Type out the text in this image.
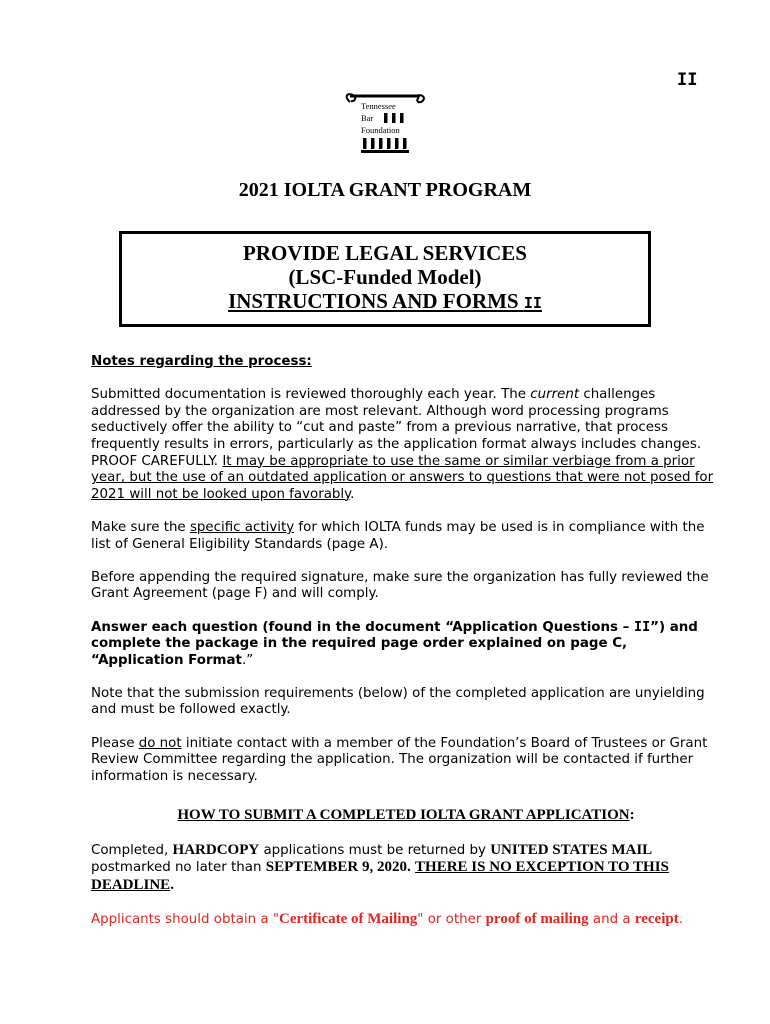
II
Tennessee
Bar
Foundation
2021 IOLTA GRANT PROGRAM
PROVIDE LEGAL SERVICES
(LSC-Funded Model)
INSTRUCTIONS AND FORMS II

Notes regarding the process:

Submitted documentation is reviewed thoroughly each year. The current challenges addressed by the organization are most relevant. Although word processing programs seductively offer the ability to “cut and paste” from a previous narrative, that process frequently results in errors, particularly as the application format always includes changes. PROOF CAREFULLY. It may be appropriate to use the same or similar verbiage from a prior year, but the use of an outdated application or answers to questions that were not posed for 2021 will not be looked upon favorably.

Make sure the specific activity for which IOLTA funds may be used is in compliance with the list of General Eligibility Standards (page A).

Before appending the required signature, make sure the organization has fully reviewed the Grant Agreement (page F) and will comply.

Answer each question (found in the document “Application Questions – II”) and complete the package in the required page order explained on page C, “Application Format.”

Note that the submission requirements (below) of the completed application are unyielding and must be followed exactly.

Please do not initiate contact with a member of the Foundation’s Board of Trustees or Grant Review Committee regarding the application. The organization will be contacted if further information is necessary.

HOW TO SUBMIT A COMPLETED IOLTA GRANT APPLICATION:

Completed, HARDCOPY applications must be returned by UNITED STATES MAIL postmarked no later than SEPTEMBER 9, 2020. THERE IS NO EXCEPTION TO THIS DEADLINE.

Applicants should obtain a "Certificate of Mailing" or other proof of mailing and a receipt.
